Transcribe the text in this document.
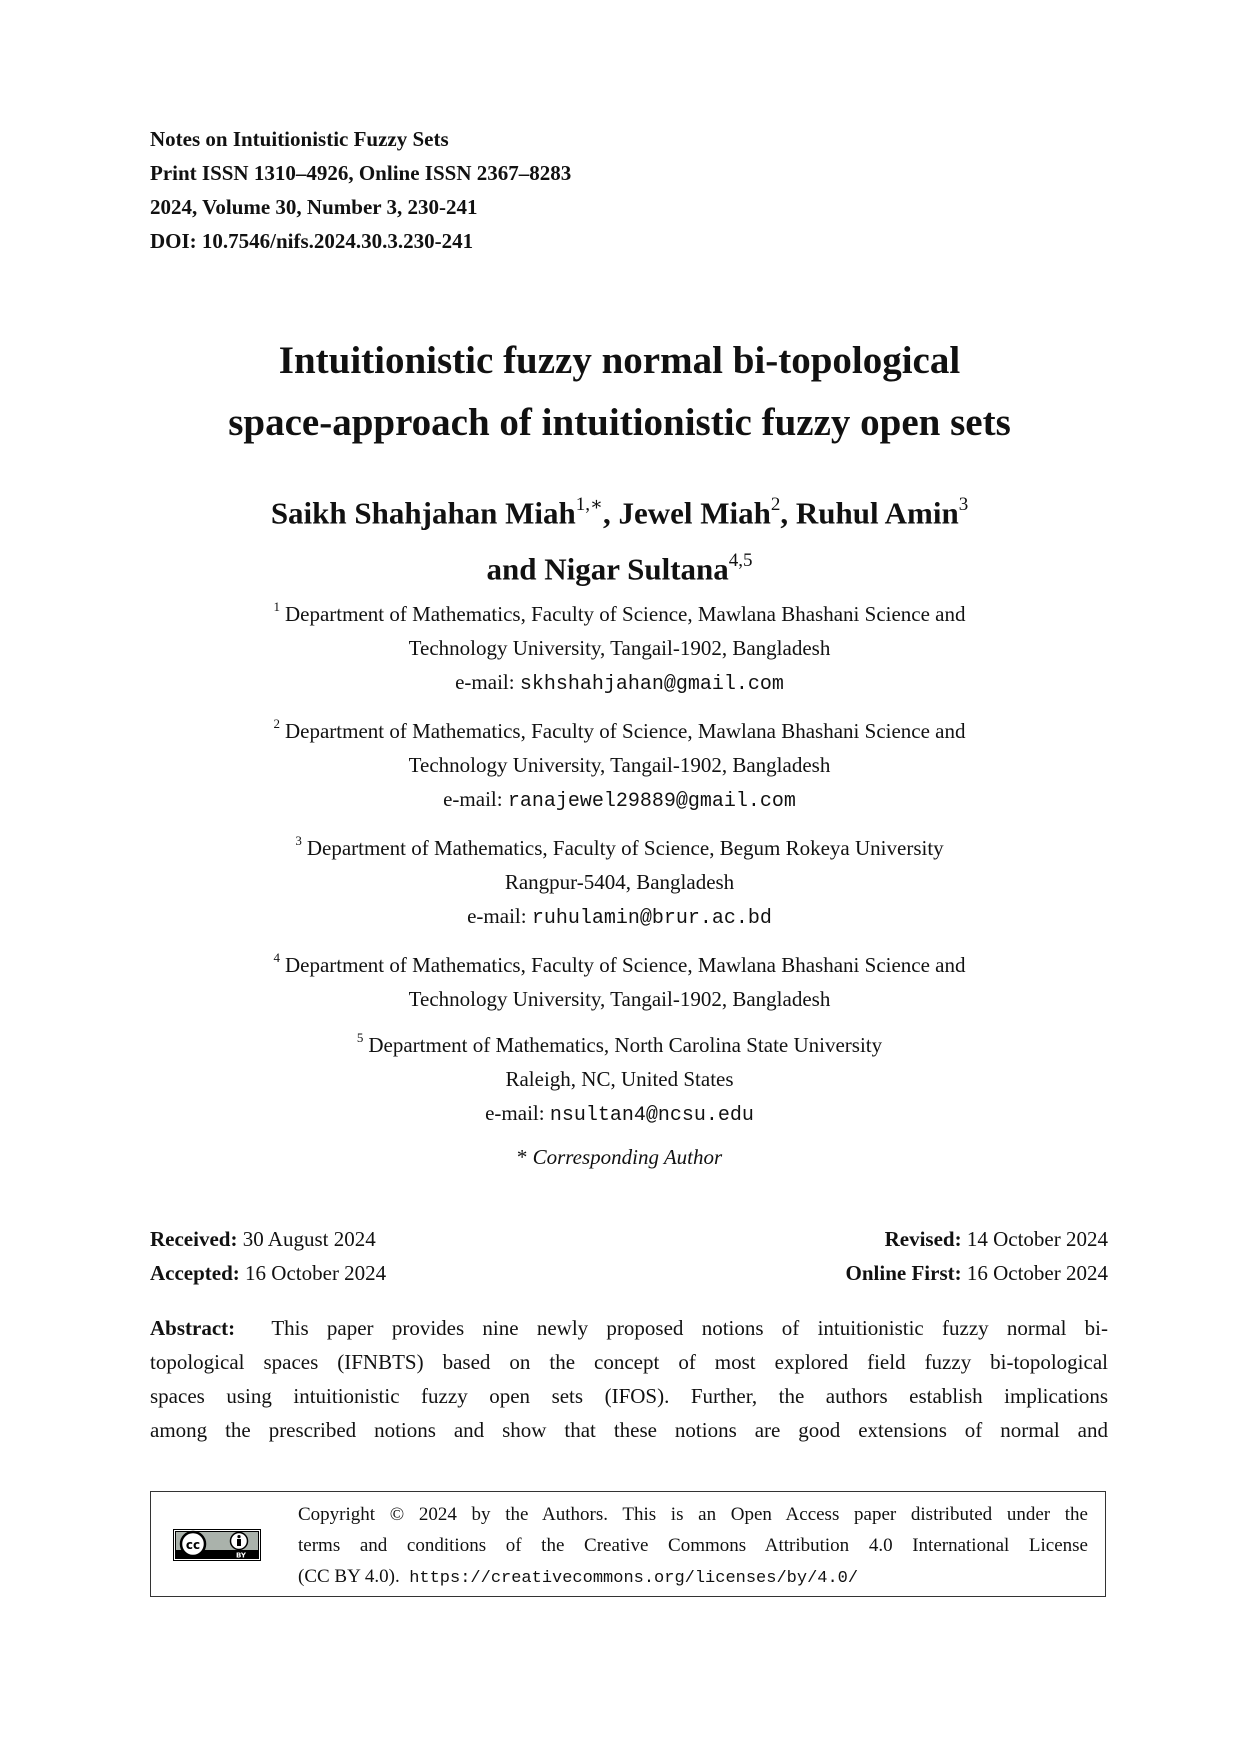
Notes on Intuitionistic Fuzzy Sets
Print ISSN 1310–4926, Online ISSN 2367–8283
2024, Volume 30, Number 3, 230-241
DOI: 10.7546/nifs.2024.30.3.230-241
Intuitionistic fuzzy normal bi-topological
space-approach of intuitionistic fuzzy open sets
Saikh Shahjahan Miah$^{1,∗}$, Jewel Miah$^2$, Ruhul Amin$^3$
and Nigar Sultana$^{4,5}$
$^1$ Department of Mathematics, Faculty of Science, Mawlana Bhashani Science and
Technology University, Tangail-1902, Bangladesh
e-mail: skhshahjahan@gmail.com
$^2$ Department of Mathematics, Faculty of Science, Mawlana Bhashani Science and
Technology University, Tangail-1902, Bangladesh
e-mail: ranajewel29889@gmail.com
$^3$ Department of Mathematics, Faculty of Science, Begum Rokeya University
Rangpur-5404, Bangladesh
e-mail: ruhulamin@brur.ac.bd
$^4$ Department of Mathematics, Faculty of Science, Mawlana Bhashani Science and
Technology University, Tangail-1902, Bangladesh
$^5$ Department of Mathematics, North Carolina State University
Raleigh, NC, United States
e-mail: nsultan4@ncsu.edu
* Corresponding Author
Received: 30 August 2024	Revised: 14 October 2024
Accepted: 16 October 2024	Online First: 16 October 2024
Abstract: This paper provides nine newly proposed notions of intuitionistic fuzzy normal bi-
topological spaces (IFNBTS) based on the concept of most explored field fuzzy bi-topological
spaces using intuitionistic fuzzy open sets (IFOS). Further, the authors establish implications
among the prescribed notions and show that these notions are good extensions of normal and
cc
BY
Copyright © 2024 by the Authors. This is an Open Access paper distributed under the
terms and conditions of the Creative Commons Attribution 4.0 International License
(CC BY 4.0). https://creativecommons.org/licenses/by/4.0/
